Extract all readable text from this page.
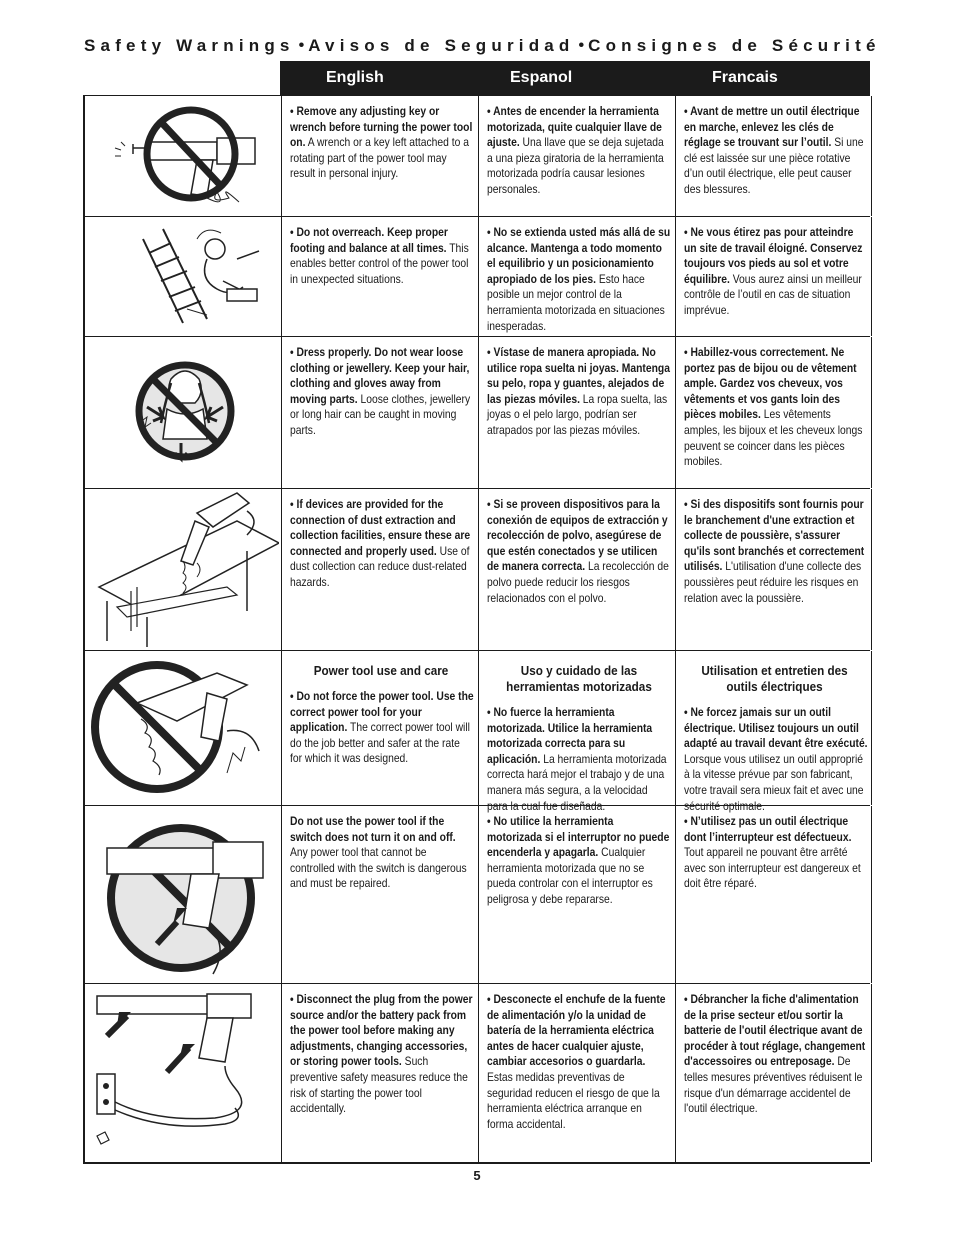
Safety Warnings • Avisos de Seguridad • Consignes de Sécurité
English	Espanol	Francais
• Remove any adjusting key or wrench before turning the power tool on. A wrench or a key left attached to a rotating part of the power tool may result in personal injury.
• Antes de encender la herramienta motorizada, quite cualquier llave de ajuste. Una llave que se deja sujetada a una pieza giratoria de la herramienta motorizada podría causar lesiones personales.
• Avant de mettre un outil électrique en marche, enlevez les clés de réglage se trouvant sur l’outil. Si une clé est laissée sur une pièce rotative d’un outil électrique, elle peut causer des blessures.
• Do not overreach. Keep proper footing and balance at all times. This enables better control of the power tool in unexpected situations.
• No se extienda usted más allá de su alcance. Mantenga a todo momento el equilibrio y un posicionamiento apropiado de los pies. Esto hace posible un mejor control de la herramienta motorizada en situaciones inesperadas.
• Ne vous étirez pas pour atteindre un site de travail éloigné. Conservez toujours vos pieds au sol et votre équilibre. Vous aurez ainsi un meilleur contrôle de l’outil en cas de situation imprévue.
• Dress properly. Do not wear loose clothing or jewellery. Keep your hair, clothing and gloves away from moving parts. Loose clothes, jewellery or long hair can be caught in moving parts.
• Vístase de manera apropiada. No utilice ropa suelta ni joyas. Mantenga su pelo, ropa y guantes, alejados de las piezas móviles. La ropa suelta, las joyas o el pelo largo, podrían ser atrapados por las piezas móviles.
• Habillez-vous correctement. Ne portez pas de bijou ou de vêtement ample. Gardez vos cheveux, vos vêtements et vos gants loin des pièces mobiles. Les vêtements amples, les bijoux et les cheveux longs peuvent se coincer dans les pièces mobiles.
• If devices are provided for the connection of dust extraction and collection facilities, ensure these are connected and properly used. Use of dust collection can reduce dust-related hazards.
• Si se proveen dispositivos para la conexión de equipos de extracción y recolección de polvo, asegúrese de que estén conectados y se utilicen de manera correcta. La recolección de polvo puede reducir los riesgos relacionados con el polvo.
• Si des dispositifs sont fournis pour le branchement d'une extraction et collecte de poussière, s'assurer qu'ils sont branchés et correctement utilisés. L'utilisation d'une collecte des poussières peut réduire les risques en relation avec la poussière.
Power tool use and care
• Do not force the power tool. Use the correct power tool for your application. The correct power tool will do the job better and safer at the rate for which it was designed.
Uso y cuidado de las herramientas motorizadas
• No fuerce la herramienta motorizada. Utilice la herramienta motorizada correcta para su aplicación. La herramienta motorizada correcta hará mejor el trabajo y de una manera más segura, a la velocidad para la cual fue diseñada.
Utilisation et entretien des outils électriques
• Ne forcez jamais sur un outil électrique. Utilisez toujours un outil adapté au travail devant être exécuté. Lorsque vous utilisez un outil approprié à la vitesse prévue par son fabricant, votre travail sera mieux fait et avec une sécurité optimale.
Do not use the power tool if the switch does not turn it on and off. Any power tool that cannot be controlled with the switch is dangerous and must be repaired.
• No utilice la herramienta motorizada si el interruptor no puede encenderla y apagarla. Cualquier herramienta motorizada que no se pueda controlar con el interruptor es peligrosa y debe repararse.
• N’utilisez pas un outil électrique dont l’interrupteur est défectueux. Tout appareil ne pouvant être arrêté avec son interrupteur est dangereux et doit être réparé.
• Disconnect the plug from the power source and/or the battery pack from the power tool before making any adjustments, changing accessories, or storing power tools. Such preventive safety measures reduce the risk of starting the power tool accidentally.
• Desconecte el enchufe de la fuente de alimentación y/o la unidad de batería de la herramienta eléctrica antes de hacer cualquier ajuste, cambiar accesorios o guardarla. Estas medidas preventivas de seguridad reducen el riesgo de que la herramienta eléctrica arranque en forma accidental.
• Débrancher la fiche d'alimentation de la prise secteur et/ou sortir la batterie de l'outil électrique avant de procéder à tout réglage, changement d'accessoires ou entreposage. De telles mesures préventives réduisent le risque d'un démarrage accidentel de l'outil électrique.
5
